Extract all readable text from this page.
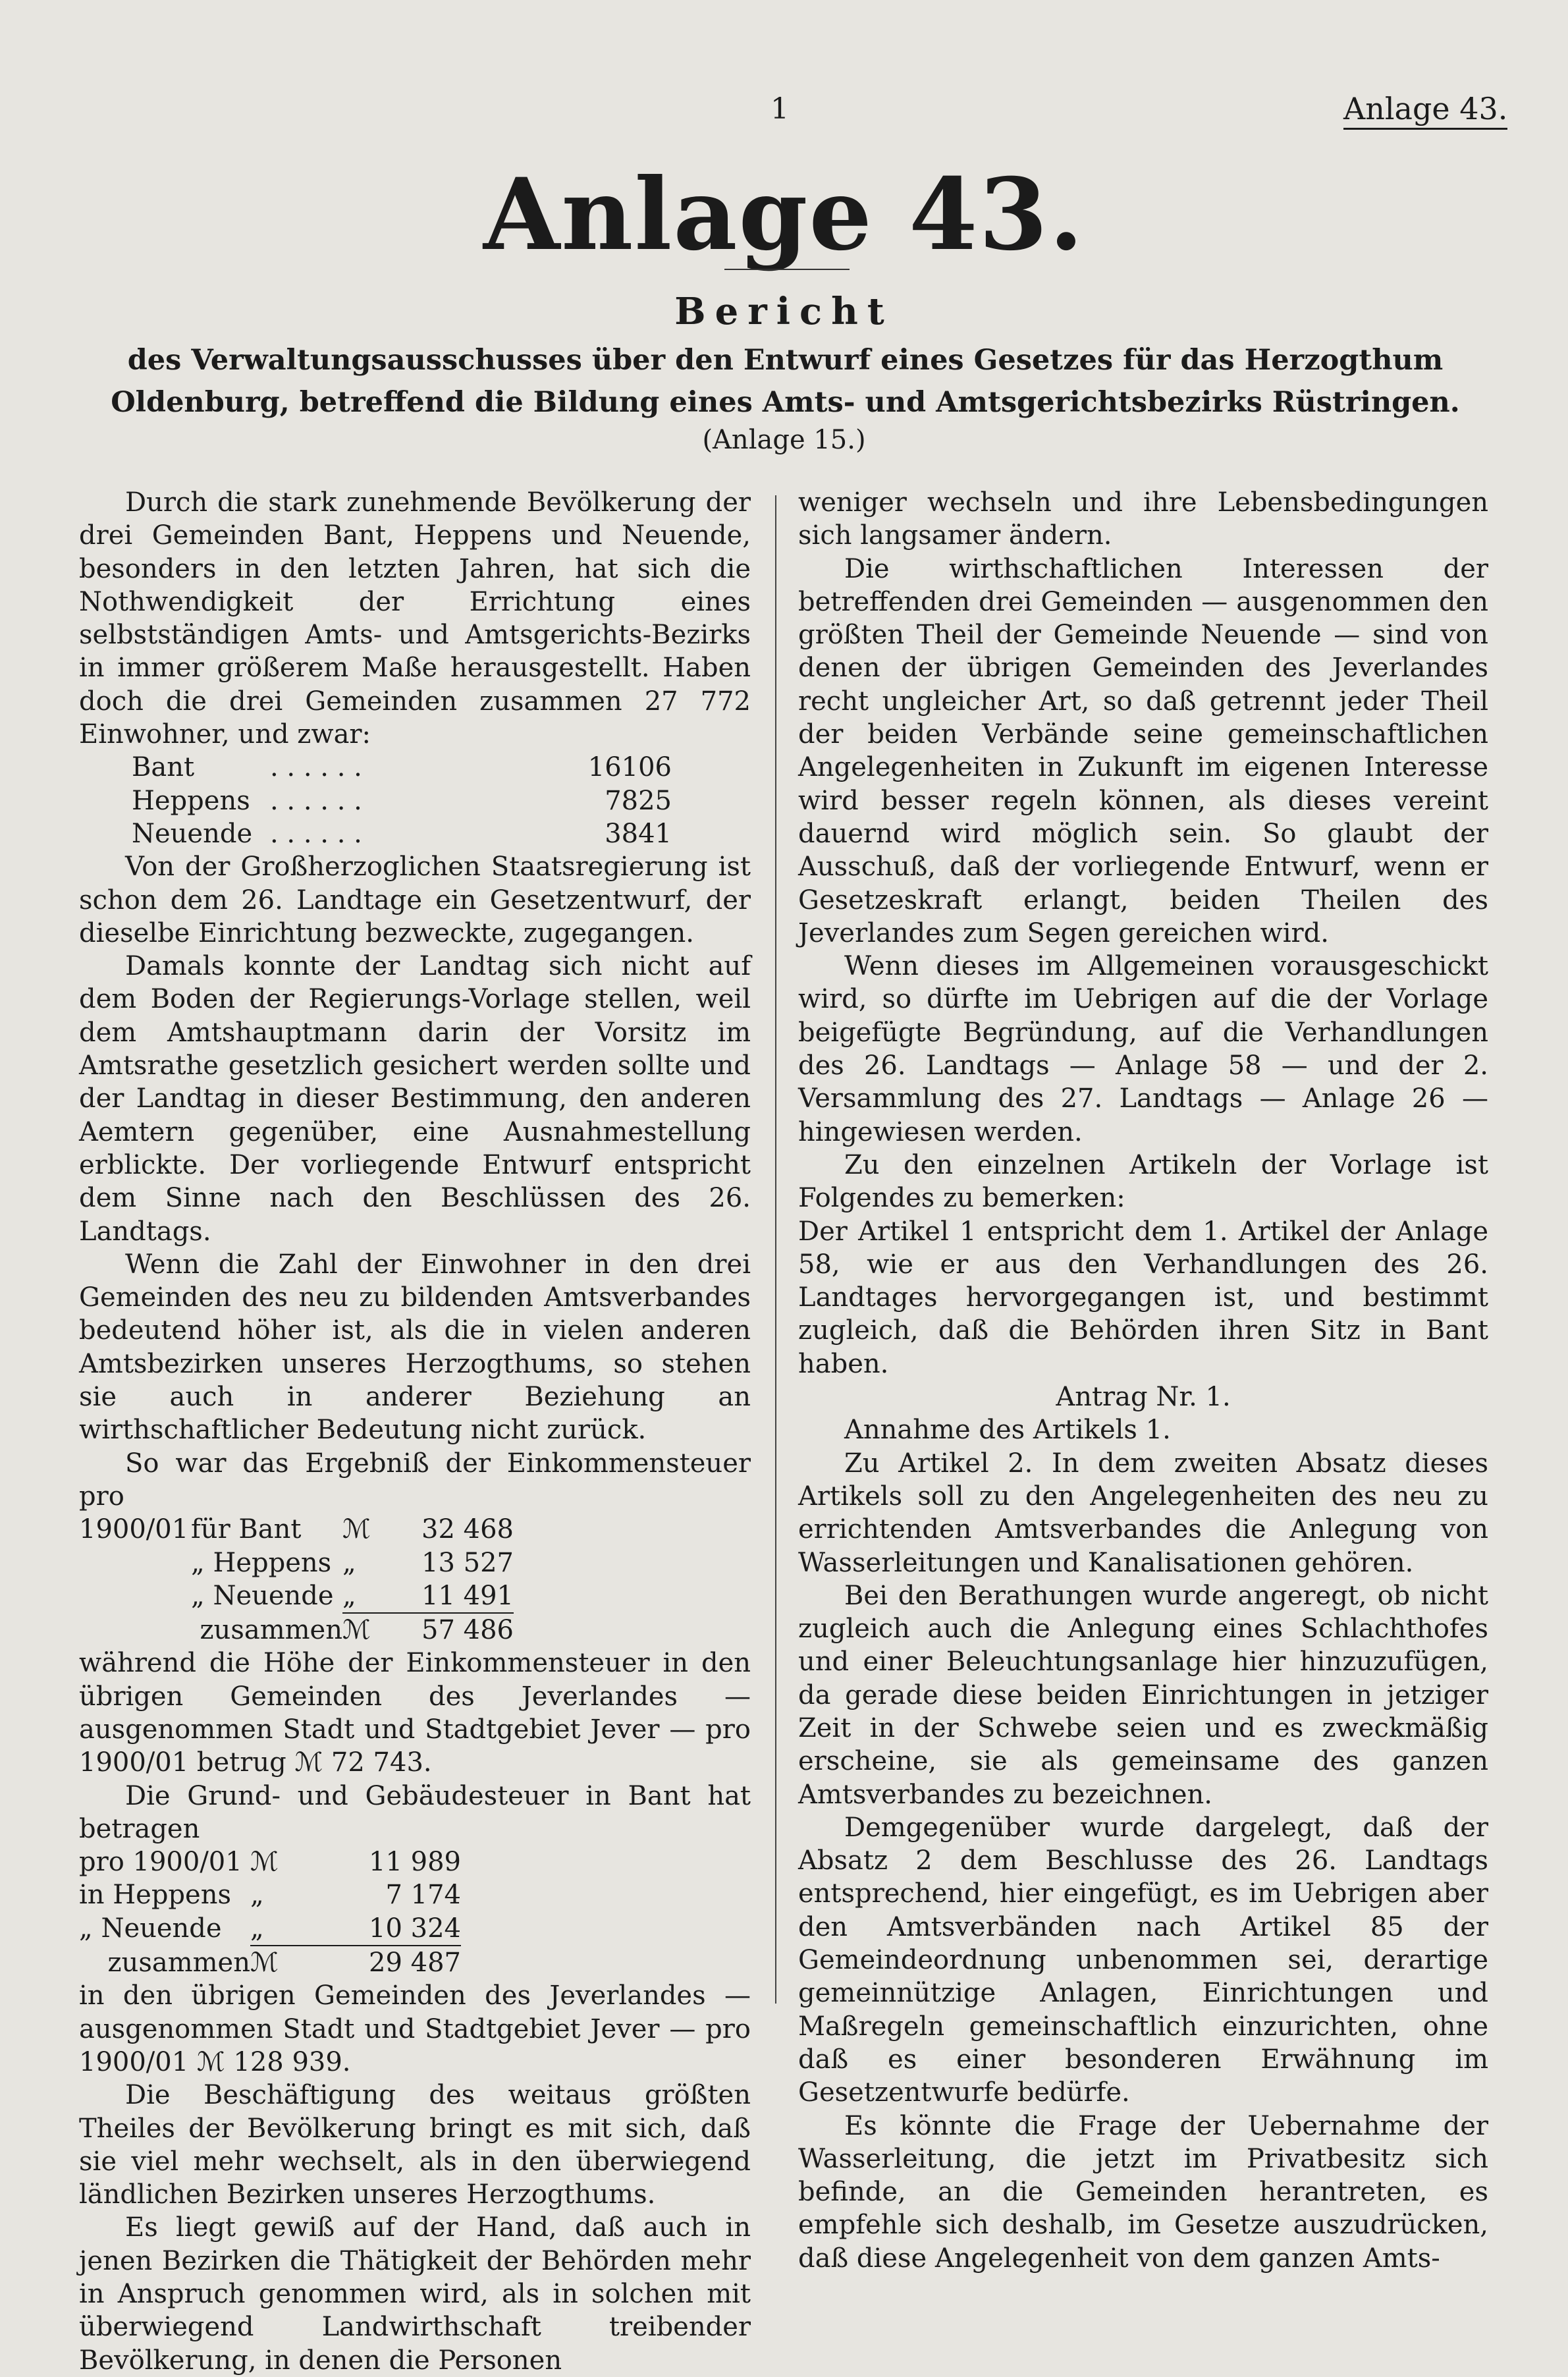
1	Anlage 43.
Anlage 43.
Bericht
des Verwaltungsausschusses über den Entwurf eines Gesetzes für das Herzogthum Oldenburg, betreffend die Bildung eines Amts- und Amtsgerichtsbezirks Rüstringen.
(Anlage 15.)

Durch die stark zunehmende Bevölkerung der drei Gemeinden Bant, Heppens und Neuende, besonders in den letzten Jahren, hat sich die Nothwendigkeit der Errichtung eines selbstständigen Amts- und Amtsgerichts-Bezirks in immer größerem Maße herausgestellt. Haben doch die drei Gemeinden zusammen 27 772 Einwohner, und zwar:

Bant	. . . . . .	16106
Heppens	. . . . . .	7825
Neuende	. . . . . .	3841

Von der Großherzoglichen Staatsregierung ist schon dem 26. Landtage ein Gesetzentwurf, der dieselbe Einrichtung bezweckte, zugegangen.

Damals konnte der Landtag sich nicht auf dem Boden der Regierungs-Vorlage stellen, weil dem Amtshauptmann darin der Vorsitz im Amtsrathe gesetzlich gesichert werden sollte und der Landtag in dieser Bestimmung, den anderen Aemtern gegenüber, eine Ausnahmestellung erblickte. Der vorliegende Entwurf entspricht dem Sinne nach den Beschlüssen des 26. Landtags.

Wenn die Zahl der Einwohner in den drei Gemeinden des neu zu bildenden Amtsverbandes bedeutend höher ist, als die in vielen anderen Amtsbezirken unseres Herzogthums, so stehen sie auch in anderer Beziehung an wirthschaftlicher Bedeutung nicht zurück.

So war das Ergebniß der Einkommensteuer pro

1900/01	für Bant	ℳ	32 468
	„ Heppens	„	13 527
	„ Neuende	„	11 491
	zusammen	ℳ	57 486

während die Höhe der Einkommensteuer in den übrigen Gemeinden des Jeverlandes — ausgenommen Stadt und Stadtgebiet Jever — pro 1900/01 betrug ℳ 72 743.

Die Grund- und Gebäudesteuer in Bant hat betragen

pro 1900/01	ℳ	11 989
in Heppens	„	7 174
„ Neuende	„	10 324
zusammen	ℳ	29 487

in den übrigen Gemeinden des Jeverlandes — ausgenommen Stadt und Stadtgebiet Jever — pro 1900/01 ℳ 128 939.

Die Beschäftigung des weitaus größten Theiles der Bevölkerung bringt es mit sich, daß sie viel mehr wechselt, als in den überwiegend ländlichen Bezirken unseres Herzogthums.

Es liegt gewiß auf der Hand, daß auch in jenen Bezirken die Thätigkeit der Behörden mehr in Anspruch genommen wird, als in solchen mit überwiegend Landwirthschaft treibender Bevölkerung, in denen die Personen

weniger wechseln und ihre Lebensbedingungen sich langsamer ändern.

Die wirthschaftlichen Interessen der betreffenden drei Gemeinden — ausgenommen den größten Theil der Gemeinde Neuende — sind von denen der übrigen Gemeinden des Jeverlandes recht ungleicher Art, so daß getrennt jeder Theil der beiden Verbände seine gemeinschaftlichen Angelegenheiten in Zukunft im eigenen Interesse wird besser regeln können, als dieses vereint dauernd wird möglich sein. So glaubt der Ausschuß, daß der vorliegende Entwurf, wenn er Gesetzeskraft erlangt, beiden Theilen des Jeverlandes zum Segen gereichen wird.

Wenn dieses im Allgemeinen vorausgeschickt wird, so dürfte im Uebrigen auf die der Vorlage beigefügte Begründung, auf die Verhandlungen des 26. Landtags — Anlage 58 — und der 2. Versammlung des 27. Landtags — Anlage 26 — hingewiesen werden.

Zu den einzelnen Artikeln der Vorlage ist Folgendes zu bemerken:

Der Artikel 1 entspricht dem 1. Artikel der Anlage 58, wie er aus den Verhandlungen des 26. Landtages hervorgegangen ist, und bestimmt zugleich, daß die Behörden ihren Sitz in Bant haben.

Antrag Nr. 1.

Annahme des Artikels 1.

Zu Artikel 2. In dem zweiten Absatz dieses Artikels soll zu den Angelegenheiten des neu zu errichtenden Amtsverbandes die Anlegung von Wasserleitungen und Kanalisationen gehören.

Bei den Berathungen wurde angeregt, ob nicht zugleich auch die Anlegung eines Schlachthofes und einer Beleuchtungsanlage hier hinzuzufügen, da gerade diese beiden Einrichtungen in jetziger Zeit in der Schwebe seien und es zweckmäßig erscheine, sie als gemeinsame des ganzen Amtsverbandes zu bezeichnen.

Demgegenüber wurde dargelegt, daß der Absatz 2 dem Beschlusse des 26. Landtags entsprechend, hier eingefügt, es im Uebrigen aber den Amtsverbänden nach Artikel 85 der Gemeindeordnung unbenommen sei, derartige gemeinnützige Anlagen, Einrichtungen und Maßregeln gemeinschaftlich einzurichten, ohne daß es einer besonderen Erwähnung im Gesetzentwurfe bedürfe.

Es könnte die Frage der Uebernahme der Wasserleitung, die jetzt im Privatbesitz sich befinde, an die Gemeinden herantreten, es empfehle sich deshalb, im Gesetze auszudrücken, daß diese Angelegenheit von dem ganzen Amts-
